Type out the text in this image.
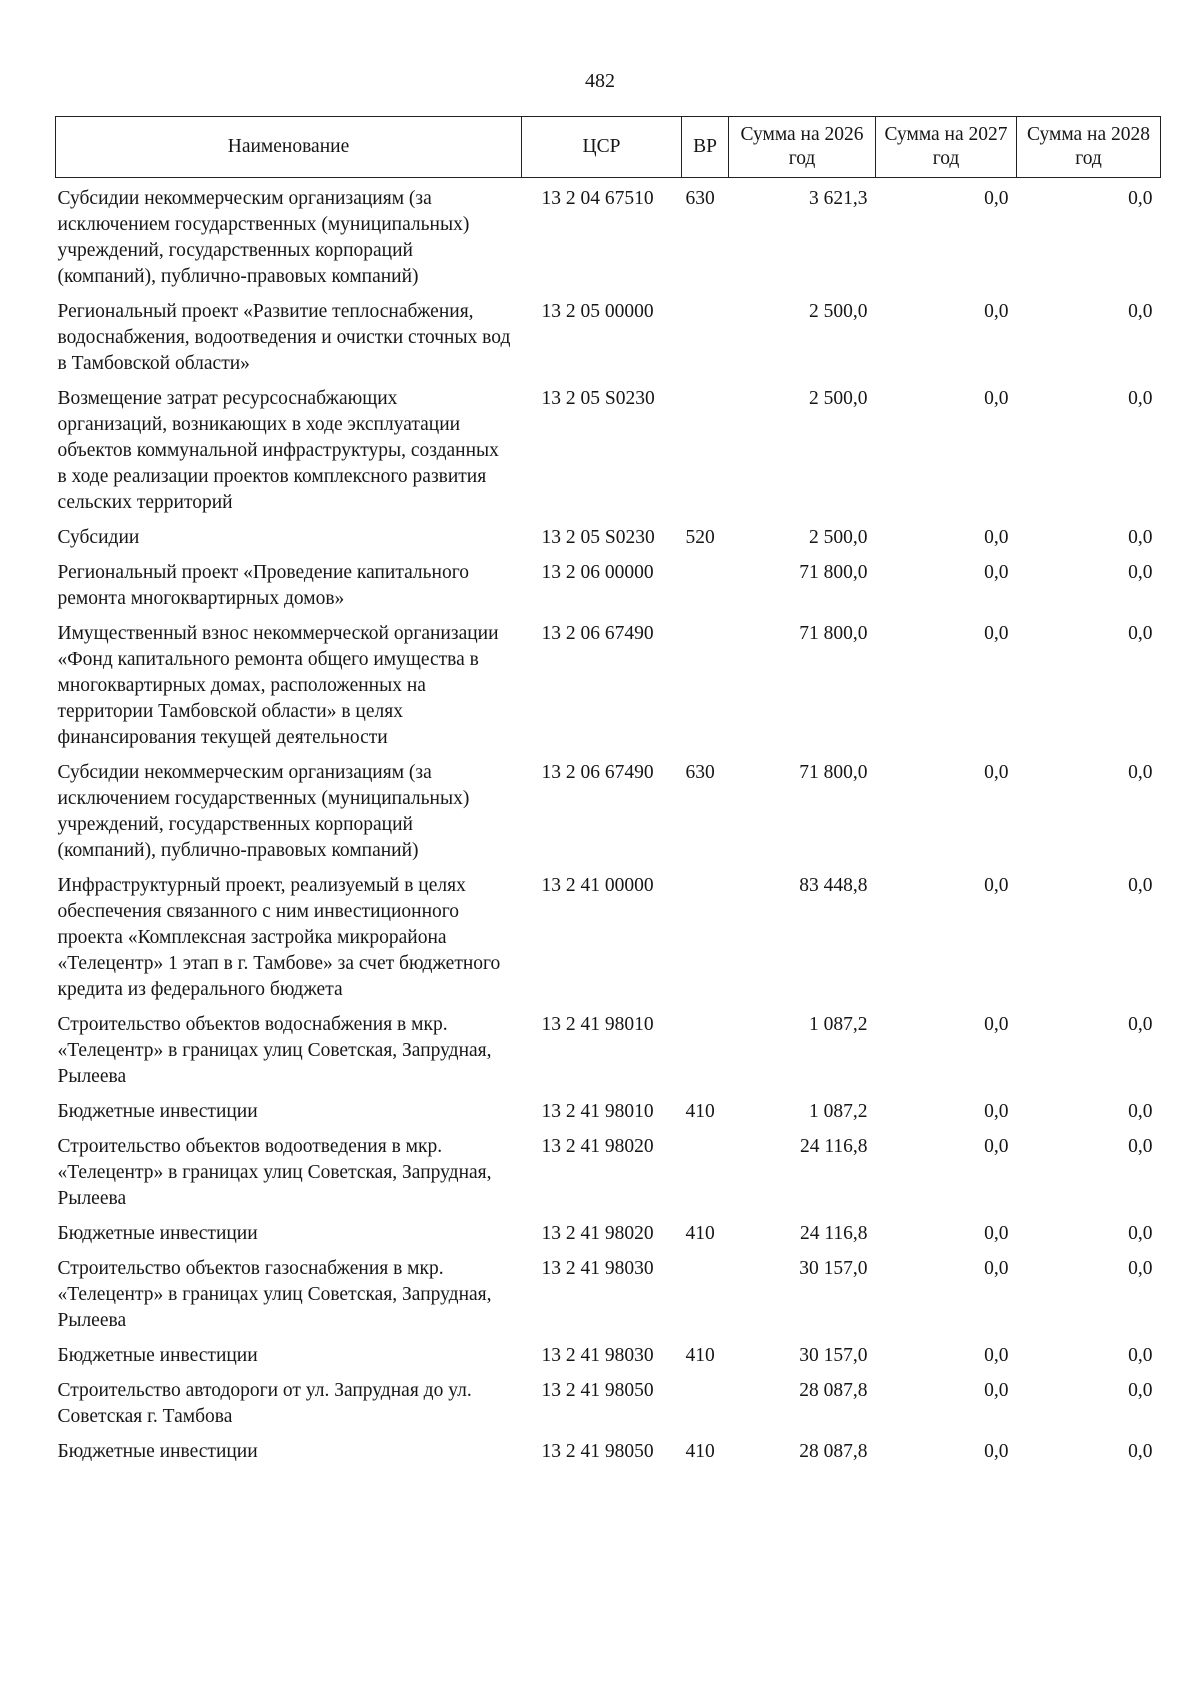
482
Наименование	ЦСР	ВР	Сумма на 2026 год	Сумма на 2027 год	Сумма на 2028 год
Субсидии некоммерческим организациям (за исключением государственных (муниципальных) учреждений, государственных корпораций (компаний), публично-правовых компаний)	13 2 04 67510	630	3 621,3	0,0	0,0
Региональный проект «Развитие теплоснабжения, водоснабжения, водоотведения и очистки сточных вод в Тамбовской области»	13 2 05 00000		2 500,0	0,0	0,0
Возмещение затрат ресурсоснабжающих организаций, возникающих в ходе эксплуатации объектов коммунальной инфраструктуры, созданных в ходе реализации проектов комплексного развития сельских территорий	13 2 05 S0230		2 500,0	0,0	0,0
Субсидии	13 2 05 S0230	520	2 500,0	0,0	0,0
Региональный проект «Проведение капитального ремонта многоквартирных домов»	13 2 06 00000		71 800,0	0,0	0,0
Имущественный взнос некоммерческой организации «Фонд капитального ремонта общего имущества в многоквартирных домах, расположенных на территории Тамбовской области» в целях финансирования текущей деятельности	13 2 06 67490		71 800,0	0,0	0,0
Субсидии некоммерческим организациям (за исключением государственных (муниципальных) учреждений, государственных корпораций (компаний), публично-правовых компаний)	13 2 06 67490	630	71 800,0	0,0	0,0
Инфраструктурный проект, реализуемый в целях обеспечения связанного с ним инвестиционного проекта «Комплексная застройка микрорайона «Телецентр» 1 этап в г. Тамбове» за счет бюджетного кредита из федерального бюджета	13 2 41 00000		83 448,8	0,0	0,0
Строительство объектов водоснабжения в мкр. «Телецентр» в границах улиц Советская, Запрудная, Рылеева	13 2 41 98010		1 087,2	0,0	0,0
Бюджетные инвестиции	13 2 41 98010	410	1 087,2	0,0	0,0
Строительство объектов водоотведения в мкр. «Телецентр» в границах улиц Советская, Запрудная, Рылеева	13 2 41 98020		24 116,8	0,0	0,0
Бюджетные инвестиции	13 2 41 98020	410	24 116,8	0,0	0,0
Строительство объектов газоснабжения в мкр. «Телецентр» в границах улиц Советская, Запрудная, Рылеева	13 2 41 98030		30 157,0	0,0	0,0
Бюджетные инвестиции	13 2 41 98030	410	30 157,0	0,0	0,0
Строительство автодороги от ул. Запрудная до ул. Советская г. Тамбова	13 2 41 98050		28 087,8	0,0	0,0
Бюджетные инвестиции	13 2 41 98050	410	28 087,8	0,0	0,0
